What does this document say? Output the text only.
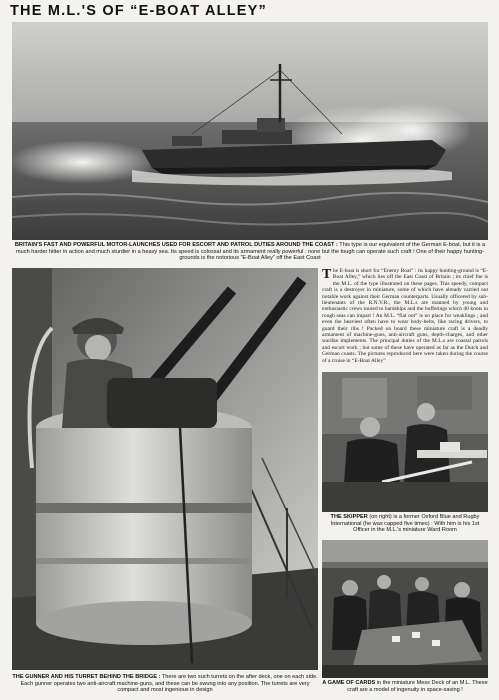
THE M.L.'S OF “E-BOAT ALLEY”
BRITAIN'S FAST AND POWERFUL MOTOR-LAUNCHES USED FOR ESCORT AND PATROL DUTIES AROUND THE COAST : This type is our equivalent of the German E-boat, but it is a much harder hitter in action and much sturdier in a heavy sea. Its speed is colossal and its armament really powerful : none but the tough can operate such craft ! One of their happy hunting-grounds is the notorious “E-Boat Alley” off the East Coast
The E-boat is short for “Enemy Boat” : its happy hunting-ground is “E-Boat Alley,” which lies off the East Coast of Britain ; its chief foe is the M.L. of the type illustrated on these pages. This speedy, compact craft is a destroyer in miniature, some of which have already carried out notable work against their German counterparts. Usually officered by sub-lieutenants of the R.N.V.R., the M.L.s are manned by young and enthusiastic crews inured to hardships and the buffetings which 40 knots in rough seas can impart ! An M.L. “flat out” is no place for weaklings ; and even the heaviest often have to wear body-belts, like racing drivers, to guard their ribs ! Packed on board these miniature craft is a deadly armament of machine-guns, anti-aircraft guns, depth-charges, and other warlike implements. The principal duties of the M.L.s are coastal patrols and escort work ; but some of these have operated as far as the Dutch and German coasts. The pictures reproduced here were taken during the course of a cruise in “E-Boat Alley”
THE SKIPPER (on right) is a former Oxford Blue and Rugby International (he was capped five times) : With him is his 1st Officer in the M.L.'s miniature Ward Room
THE GUNNER AND HIS TURRET BEHIND THE BRIDGE : There are two such turrets on the after deck, one on each side. Each gunner operates two anti-aircraft machine-guns, and these can be swung into any position. The turrets are very compact and most ingenious in design
A GAME OF CARDS in the miniature Mess Deck of an M.L. These craft are a model of ingenuity in space-saving !
